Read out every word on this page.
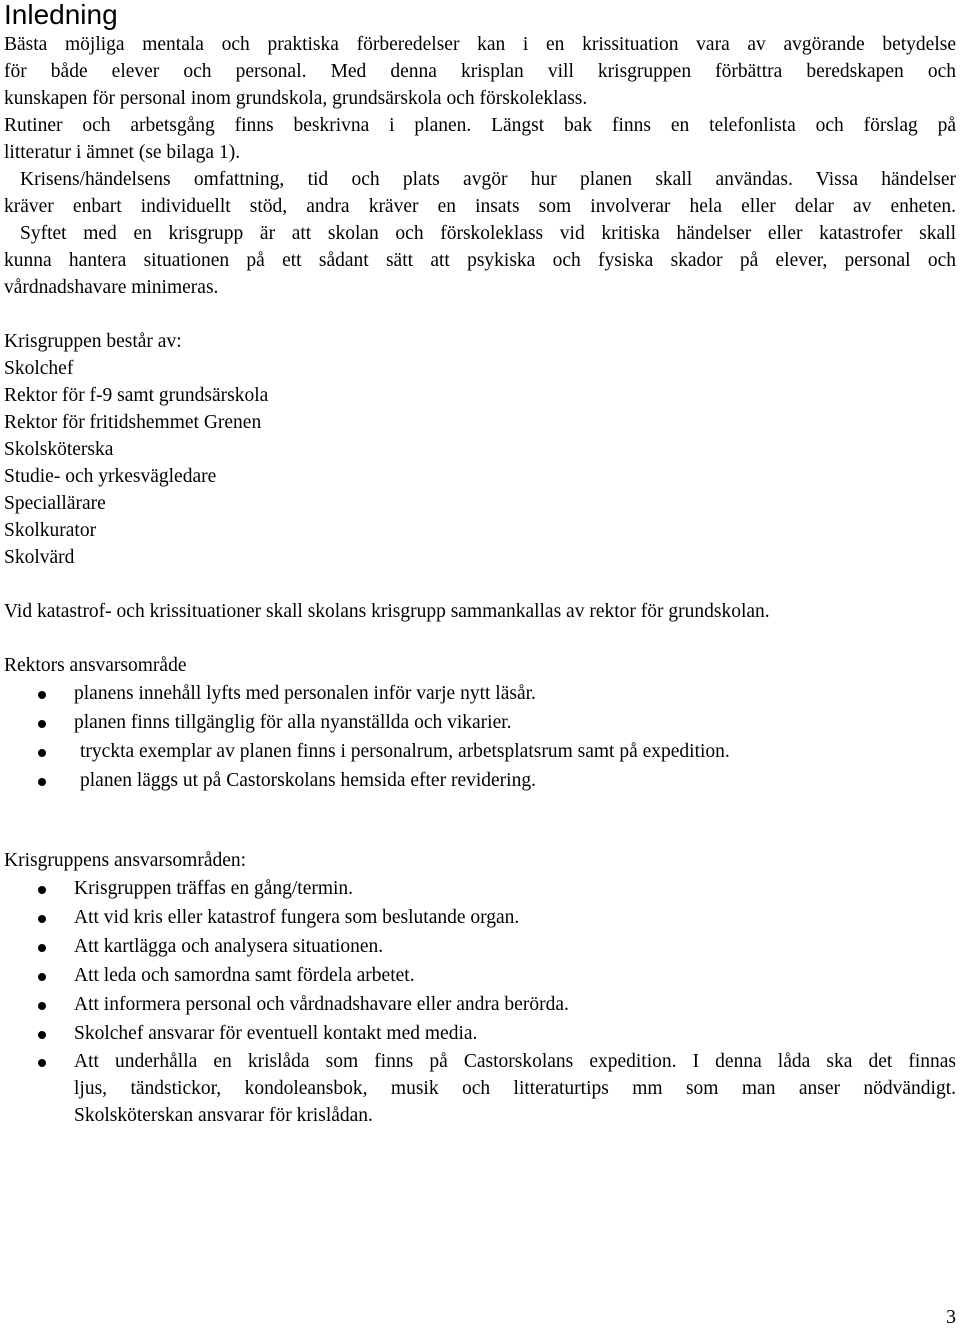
Inledning
Bästa möjliga mentala och praktiska förberedelser kan i en krissituation vara av avgörande betydelse
för både elever och personal. Med denna krisplan vill krisgruppen förbättra beredskapen och
kunskapen för personal inom grundskola, grundsärskola och förskoleklass.
Rutiner och arbetsgång finns beskrivna i planen. Längst bak finns en telefonlista och förslag på
litteratur i ämnet (se bilaga 1).
Krisens/händelsens omfattning, tid och plats avgör hur planen skall användas. Vissa händelser
kräver enbart individuellt stöd, andra kräver en insats som involverar hela eller delar av enheten.
Syftet med en krisgrupp är att skolan och förskoleklass vid kritiska händelser eller katastrofer skall
kunna hantera situationen på ett sådant sätt att psykiska och fysiska skador på elever, personal och
vårdnadshavare minimeras.
Krisgruppen består av:
Skolchef
Rektor för f-9 samt grundsärskola
Rektor för fritidshemmet Grenen
Skolsköterska
Studie- och yrkesvägledare
Speciallärare
Skolkurator
Skolvärd
Vid katastrof- och krissituationer skall skolans krisgrupp sammankallas av rektor för grundskolan.
Rektors ansvarsområde
planens innehåll lyfts med personalen inför varje nytt läsår.
planen finns tillgänglig för alla nyanställda och vikarier.
tryckta exemplar av planen finns i personalrum, arbetsplatsrum samt på expedition.
planen läggs ut på Castorskolans hemsida efter revidering.
Krisgruppens ansvarsområden:
Krisgruppen träffas en gång/termin.
Att vid kris eller katastrof fungera som beslutande organ.
Att kartlägga och analysera situationen.
Att leda och samordna samt fördela arbetet.
Att informera personal och vårdnadshavare eller andra berörda.
Skolchef ansvarar för eventuell kontakt med media.
Att underhålla en krislåda som finns på Castorskolans expedition. I denna låda ska det finnas
ljus, tändstickor, kondoleansbok, musik och litteraturtips mm som man anser nödvändigt.
Skolsköterskan ansvarar för krislådan.
3
